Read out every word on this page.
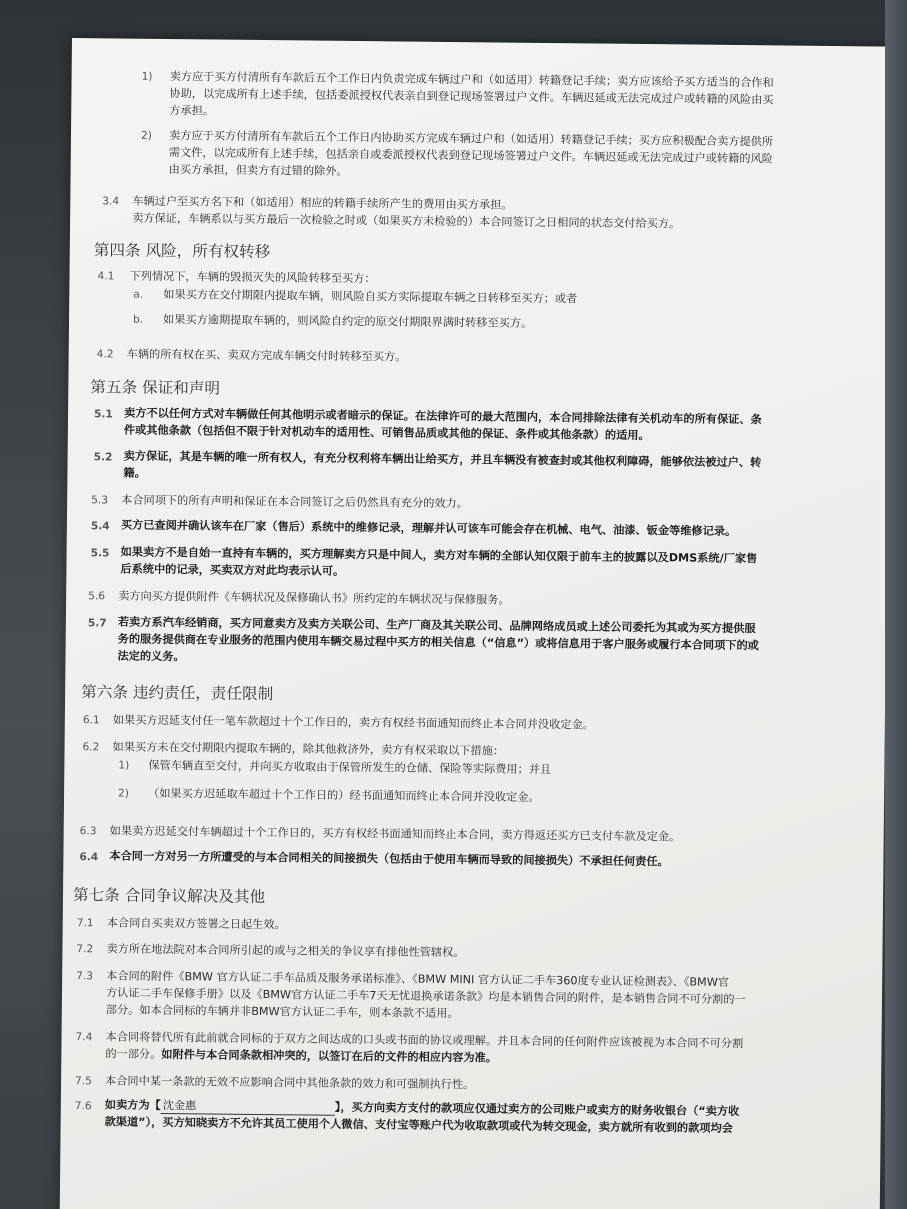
1) 卖方应于买方付清所有车款后五个工作日内负责完成车辆过户和（如适用）转籍登记手续；卖方应该给予买方适当的合作和
协助，以完成所有上述手续，包括委派授权代表亲自到登记现场签署过户文件。车辆迟延或无法完成过户或转籍的风险由买
方承担。
2) 卖方应于买方付清所有车款后五个工作日内协助买方完成车辆过户和（如适用）转籍登记手续；买方应积极配合卖方提供所
需文件，以完成所有上述手续，包括亲自或委派授权代表到登记现场签署过户文件。车辆迟延或无法完成过户或转籍的风险
由买方承担，但卖方有过错的除外。
3.4 车辆过户至买方名下和（如适用）相应的转籍手续所产生的费用由买方承担。
卖方保证，车辆系以与买方最后一次检验之时或（如果买方未检验的）本合同签订之日相同的状态交付给买方。
第四条 风险，所有权转移
4.1 下列情况下，车辆的毁损灭失的风险转移至买方：
a. 如果买方在交付期限内提取车辆，则风险自买方实际提取车辆之日转移至买方；或者
b. 如果买方逾期提取车辆的，则风险自约定的原交付期限界满时转移至买方。
4.2 车辆的所有权在买、卖双方完成车辆交付时转移至买方。
第五条 保证和声明
5.1 卖方不以任何方式对车辆做任何其他明示或者暗示的保证。在法律许可的最大范围内，本合同排除法律有关机动车的所有保证、条
件或其他条款（包括但不限于针对机动车的适用性、可销售品质或其他的保证、条件或其他条款）的适用。
5.2 卖方保证，其是车辆的唯一所有权人，有充分权利将车辆出让给买方，并且车辆没有被查封或其他权利障碍，能够依法被过户、转
籍。
5.3 本合同项下的所有声明和保证在本合同签订之后仍然具有充分的效力。
5.4 买方已查阅并确认该车在厂家（售后）系统中的维修记录，理解并认可该车可能会存在机械、电气、油漆、钣金等维修记录。
5.5 如果卖方不是自始一直持有车辆的，买方理解卖方只是中间人，卖方对车辆的全部认知仅限于前车主的披露以及DMS系统/厂家售
后系统中的记录，买卖双方对此均表示认可。
5.6 卖方向买方提供附件《车辆状况及保修确认书》所约定的车辆状况与保修服务。
5.7 若卖方系汽车经销商，买方同意卖方及卖方关联公司、生产厂商及其关联公司、品牌网络成员或上述公司委托为其或为买方提供服
务的服务提供商在专业服务的范围内使用车辆交易过程中买方的相关信息（“信息”）或将信息用于客户服务或履行本合同项下的或
法定的义务。
第六条 违约责任，责任限制
6.1 如果买方迟延支付任一笔车款超过十个工作日的，卖方有权经书面通知而终止本合同并没收定金。
6.2 如果买方未在交付期限内提取车辆的，除其他救济外，卖方有权采取以下措施：
1) 保管车辆直至交付，并向买方收取由于保管所发生的仓储、保险等实际费用；并且
2) （如果买方迟延取车超过十个工作日的）经书面通知而终止本合同并没收定金。
6.3 如果卖方迟延交付车辆超过十个工作日的，买方有权经书面通知而终止本合同，卖方得返还买方已支付车款及定金。
6.4 本合同一方对另一方所遭受的与本合同相关的间接损失（包括由于使用车辆而导致的间接损失）不承担任何责任。
第七条 合同争议解决及其他
7.1 本合同自买卖双方签署之日起生效。
7.2 卖方所在地法院对本合同所引起的或与之相关的争议享有排他性管辖权。
7.3 本合同的附件《BMW 官方认证二手车品质及服务承诺标准》、《BMW MINI 官方认证二手车360度专业认证检测表》、《BMW官
方认证二手车保修手册》以及《BMW官方认证二手车7天无忧退换承诺条款》均是本销售合同的附件，是本销售合同不可分割的一
部分。如本合同标的车辆并非BMW官方认证二手车，则本条款不适用。
7.4 本合同将替代所有此前就合同标的于双方之间达成的口头或书面的协议或理解。并且本合同的任何附件应该被视为本合同不可分割
的一部分。如附件与本合同条款相冲突的，以签订在后的文件的相应内容为准。
7.5 本合同中某一条款的无效不应影响合同中其他条款的效力和可强制执行性。
7.6 如卖方为【 沈金惠	】，买方向卖方支付的款项应仅通过卖方的公司账户或卖方的财务收银台（“卖方收
款渠道”），买方知晓卖方不允许其员工使用个人微信、支付宝等账户代为收取款项或代为转交现金，卖方就所有收到的款项均会
